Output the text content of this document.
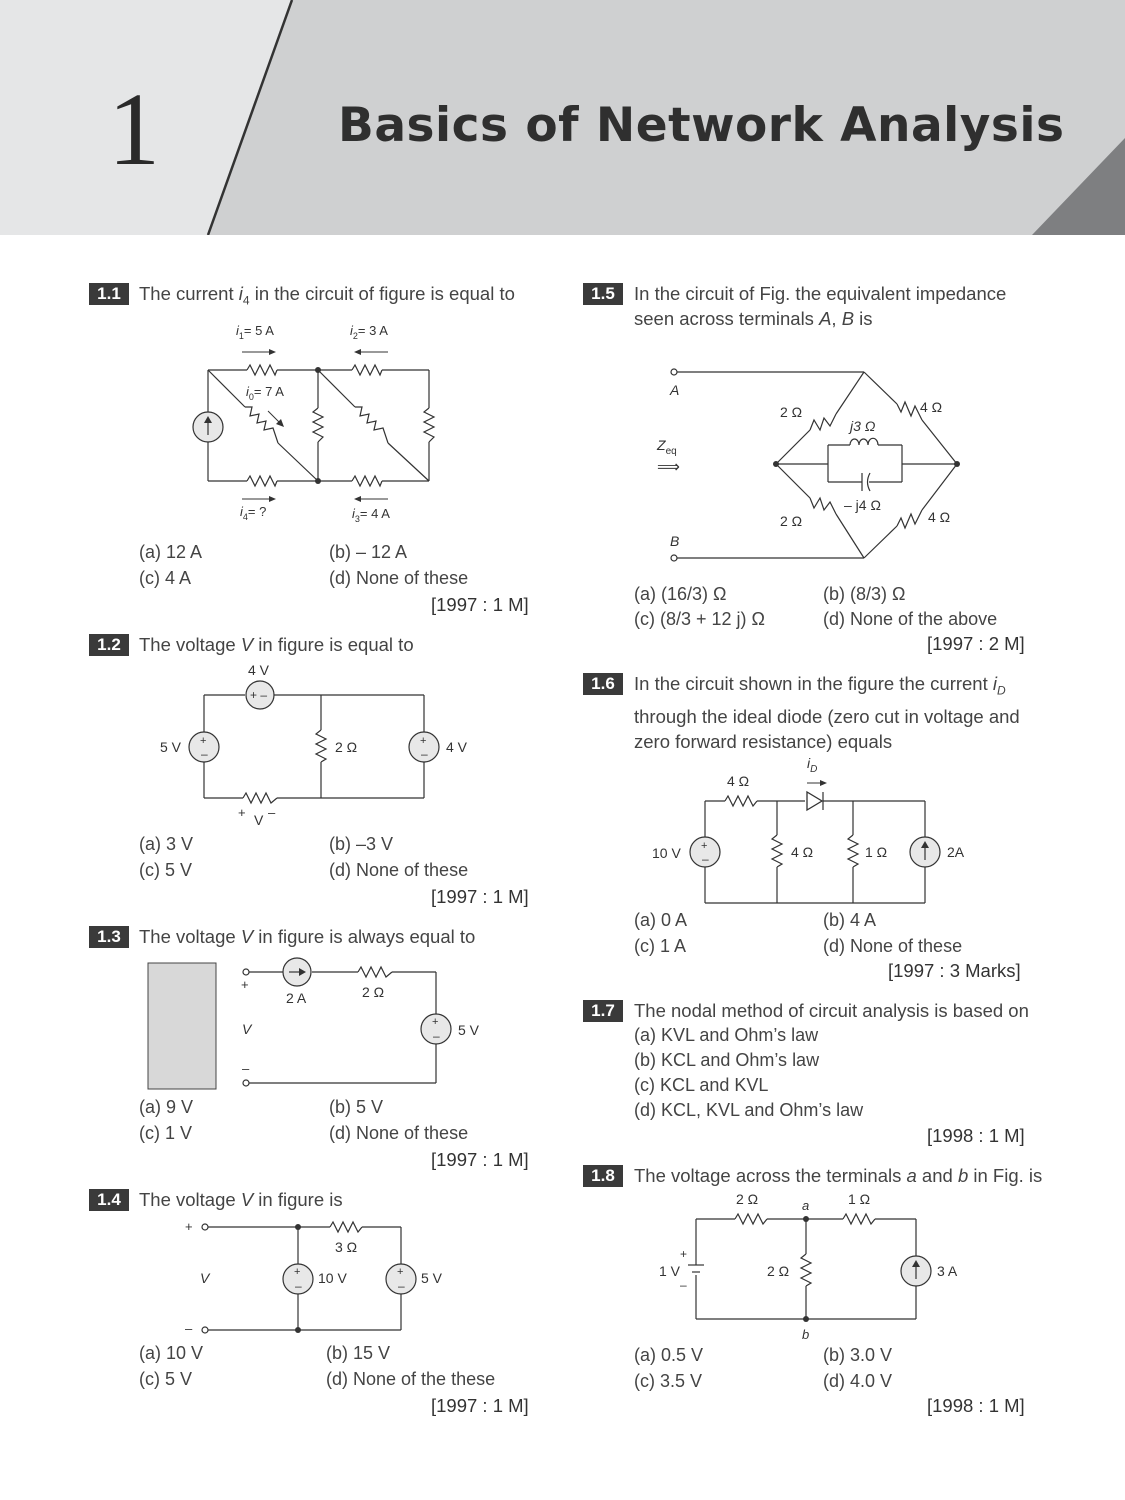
1	Basics of Network Analysis
1.1 The current $i_4$ in the circuit of figure is equal to
$i_1= 5$ A	$i_2= 3$ A
$i_0= 7$ A
$i_4=$ ?	$i_3= 4$ A
(a) 12 A	(b) – 12 A
(c) 4 A	(d) None of these
[1997 : 1 M]
1.2 The voltage V in figure is equal to
+ –
+
–
+
–
4 V
5 V	2 Ω	4 V
+ V –
(a) 3 V	(b) –3 V
(c) 5 V	(d) None of these
[1997 : 1 M]
1.3 The voltage V in figure is always equal to
+
V
–
2 A	2 Ω
+
– 5 V
(a) 9 V	(b) 5 V
(c) 1 V	(d) None of these
[1997 : 1 M]
1.4 The voltage V in figure is
+
–
V
3 Ω
+
–
+
–
10 V	5 V
(a) 10 V	(b) 15 V
(c) 5 V	(d) None of the these
[1997 : 1 M]
1.5	In the circuit of Fig. the equivalent impedance
seen across terminals A, B is
A
B
$Z_{eq}$
⟹
2 Ω	4 Ω
2 Ω	4 Ω
j3 Ω
– j4 Ω
(a) (16/3) Ω	(b) (8/3) Ω
(c) (8/3 + 12 j) Ω	(d) None of the above
[1997 : 2 M]
1.6	In the circuit shown in the figure the current $i_D$
through the ideal diode (zero cut in voltage and
zero forward resistance) equals
4 Ω
$i_D$
10 V +
–	4 Ω	1 Ω	2A
(a) 0 A	(b) 4 A
(c) 1 A	(d) None of these
[1997 : 3 Marks]
1.7	The nodal method of circuit analysis is based on
(a) KVL and Ohm’s law
(b) KCL and Ohm’s law
(c) KCL and KVL
(d) KCL, KVL and Ohm’s law
[1998 : 1 M]
1.8	The voltage across the terminals a and b in Fig. is
2 Ω	1 Ω
a
b
+
1 V
–
2 Ω	3 A
(a) 0.5 V	(b) 3.0 V
(c) 3.5 V	(d) 4.0 V
[1998 : 1 M]
